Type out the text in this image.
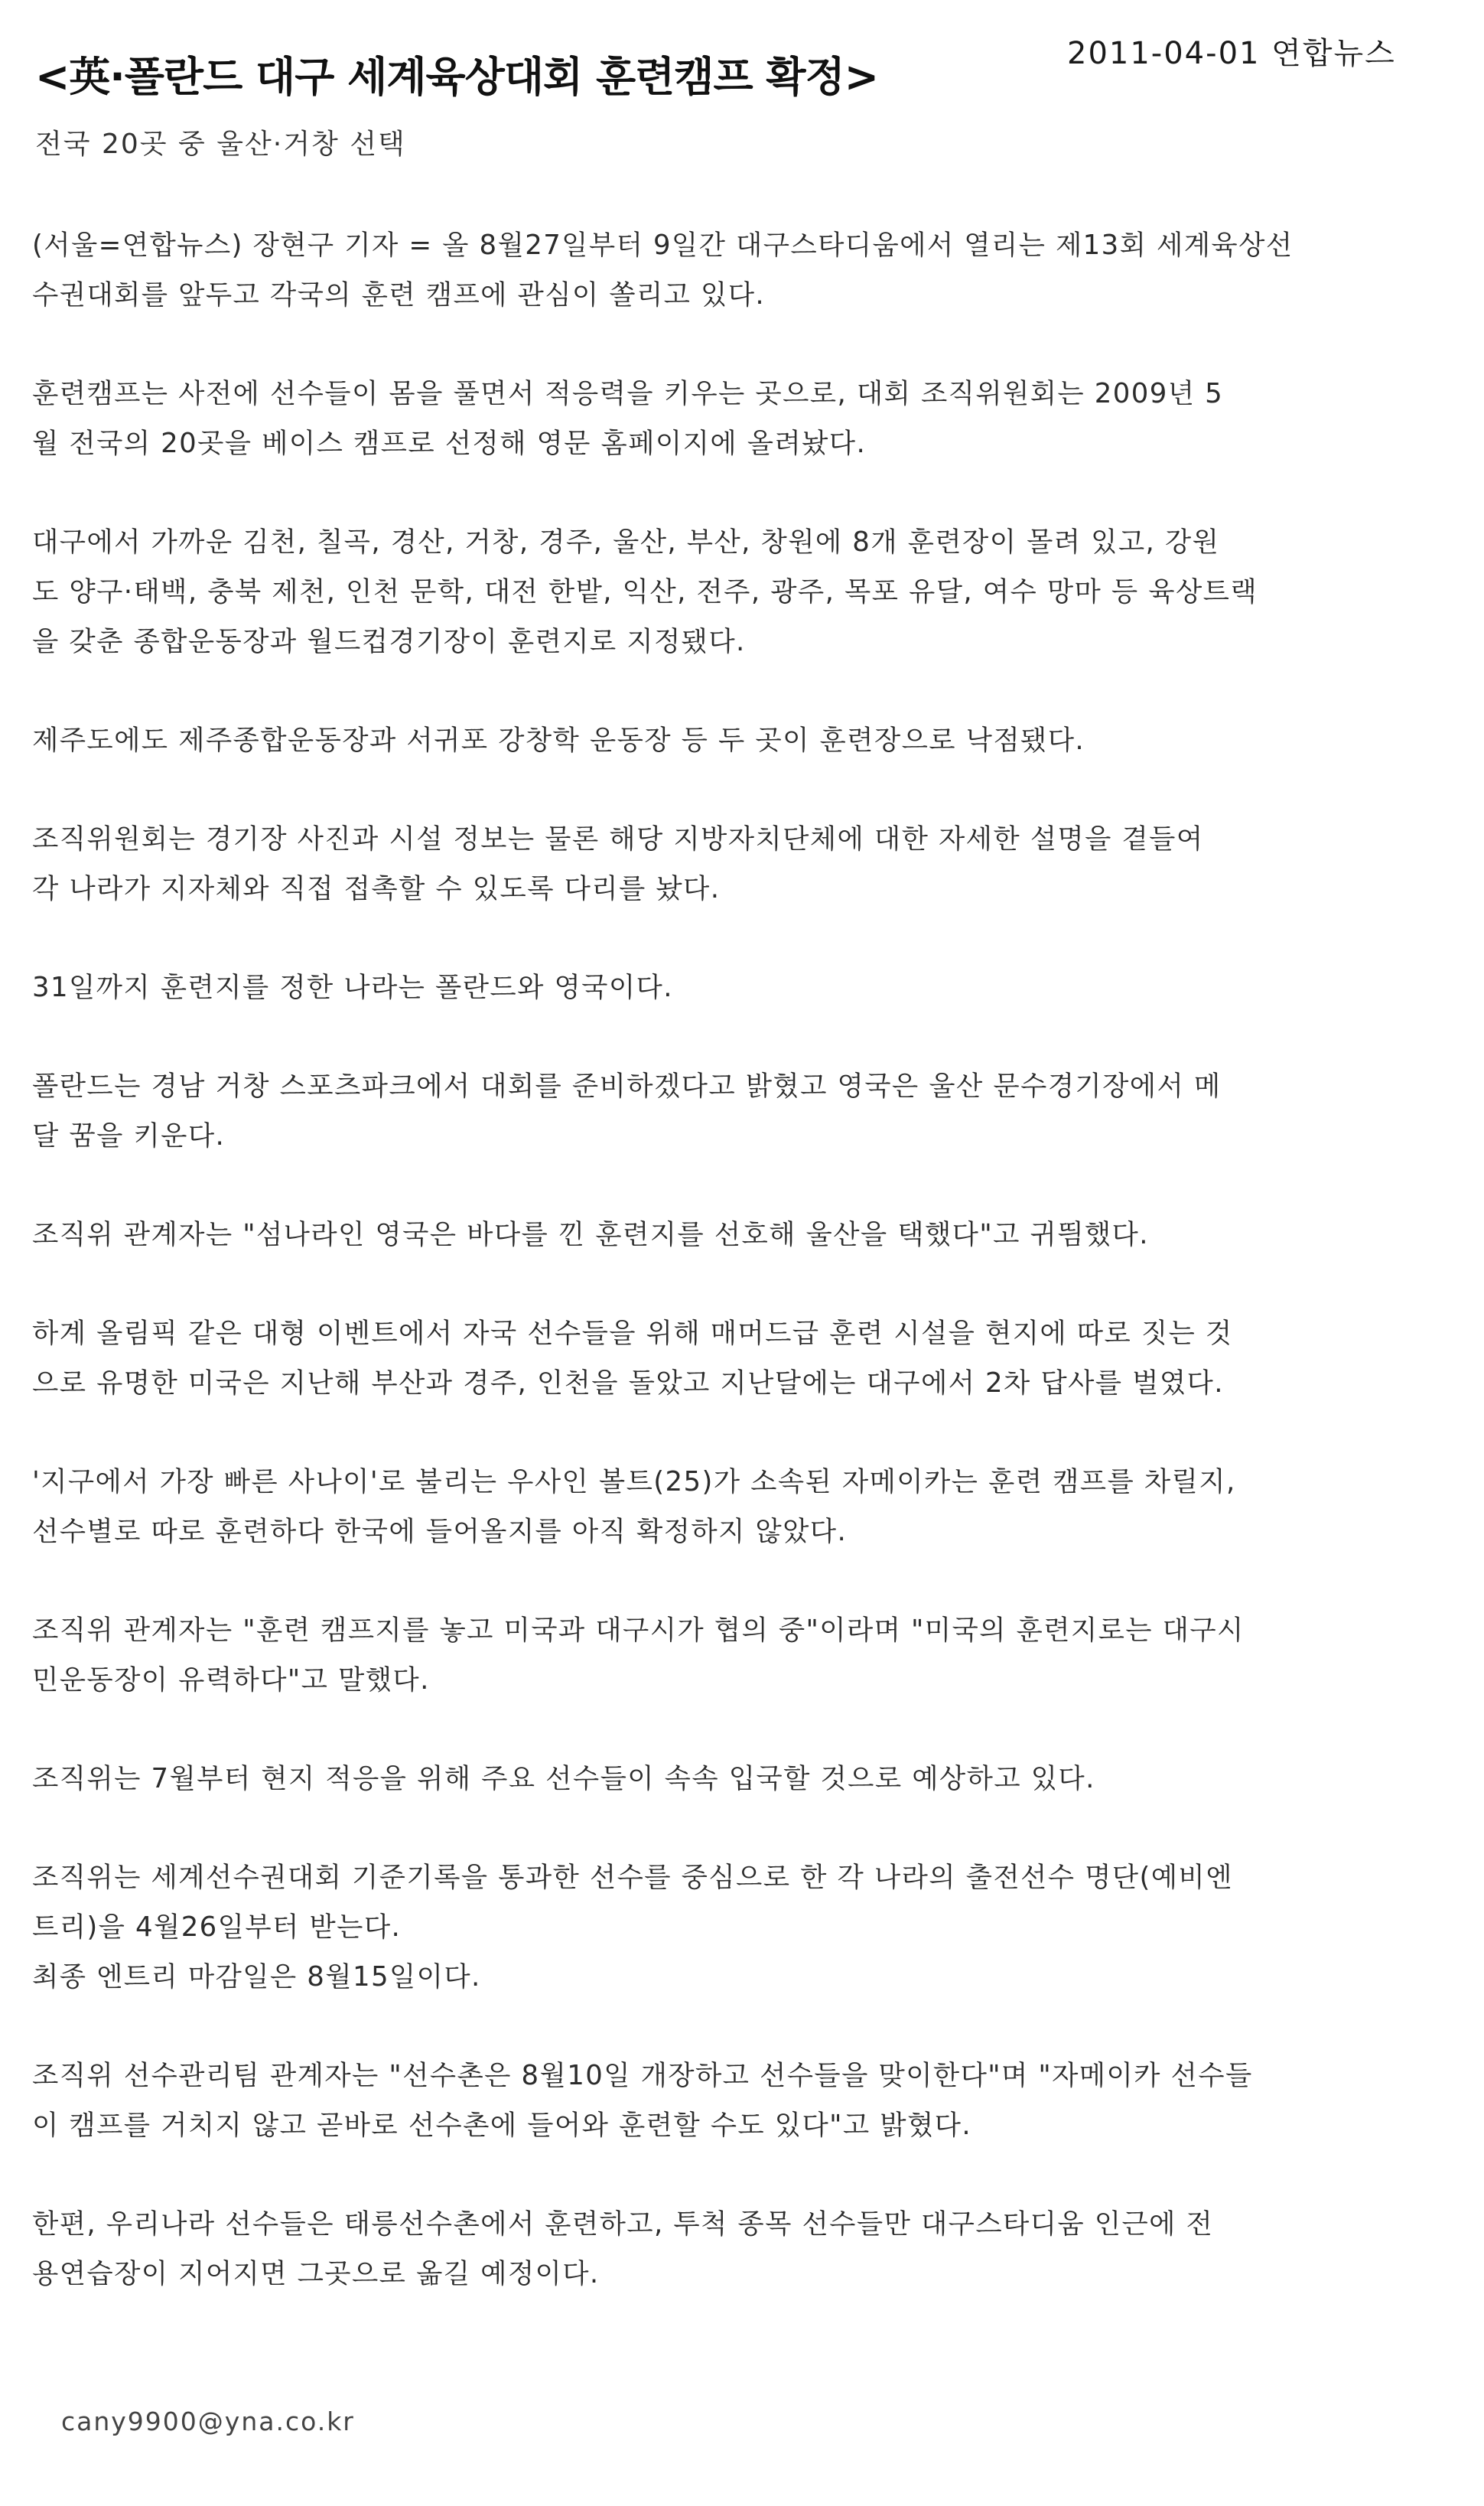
<英·폴란드 대구 세계육상대회 훈련캠프 확정>	2011-04-01 연합뉴스
전국 20곳 중 울산·거창 선택
(서울=연합뉴스) 장현구 기자 = 올 8월27일부터 9일간 대구스타디움에서 열리는 제13회 세계육상선
수권대회를 앞두고 각국의 훈련 캠프에 관심이 쏠리고 있다.
훈련캠프는 사전에 선수들이 몸을 풀면서 적응력을 키우는 곳으로, 대회 조직위원회는 2009년 5
월 전국의 20곳을 베이스 캠프로 선정해 영문 홈페이지에 올려놨다.
대구에서 가까운 김천, 칠곡, 경산, 거창, 경주, 울산, 부산, 창원에 8개 훈련장이 몰려 있고, 강원
도 양구·태백, 충북 제천, 인천 문학, 대전 한밭, 익산, 전주, 광주, 목포 유달, 여수 망마 등 육상트랙
을 갖춘 종합운동장과 월드컵경기장이 훈련지로 지정됐다.
제주도에도 제주종합운동장과 서귀포 강창학 운동장 등 두 곳이 훈련장으로 낙점됐다.
조직위원회는 경기장 사진과 시설 정보는 물론 해당 지방자치단체에 대한 자세한 설명을 곁들여
각 나라가 지자체와 직접 접촉할 수 있도록 다리를 놨다.
31일까지 훈련지를 정한 나라는 폴란드와 영국이다.
폴란드는 경남 거창 스포츠파크에서 대회를 준비하겠다고 밝혔고 영국은 울산 문수경기장에서 메
달 꿈을 키운다.
조직위 관계자는 "섬나라인 영국은 바다를 낀 훈련지를 선호해 울산을 택했다"고 귀띔했다.
하계 올림픽 같은 대형 이벤트에서 자국 선수들을 위해 매머드급 훈련 시설을 현지에 따로 짓는 것
으로 유명한 미국은 지난해 부산과 경주, 인천을 돌았고 지난달에는 대구에서 2차 답사를 벌였다.
'지구에서 가장 빠른 사나이'로 불리는 우사인 볼트(25)가 소속된 자메이카는 훈련 캠프를 차릴지,
선수별로 따로 훈련하다 한국에 들어올지를 아직 확정하지 않았다.
조직위 관계자는 "훈련 캠프지를 놓고 미국과 대구시가 협의 중"이라며 "미국의 훈련지로는 대구시
민운동장이 유력하다"고 말했다.
조직위는 7월부터 현지 적응을 위해 주요 선수들이 속속 입국할 것으로 예상하고 있다.
조직위는 세계선수권대회 기준기록을 통과한 선수를 중심으로 한 각 나라의 출전선수 명단(예비엔
트리)을 4월26일부터 받는다.
최종 엔트리 마감일은 8월15일이다.
조직위 선수관리팀 관계자는 "선수촌은 8월10일 개장하고 선수들을 맞이한다"며 "자메이카 선수들
이 캠프를 거치지 않고 곧바로 선수촌에 들어와 훈련할 수도 있다"고 밝혔다.
한편, 우리나라 선수들은 태릉선수촌에서 훈련하고, 투척 종목 선수들만 대구스타디움 인근에 전
용연습장이 지어지면 그곳으로 옮길 예정이다.
cany9900@yna.co.kr
